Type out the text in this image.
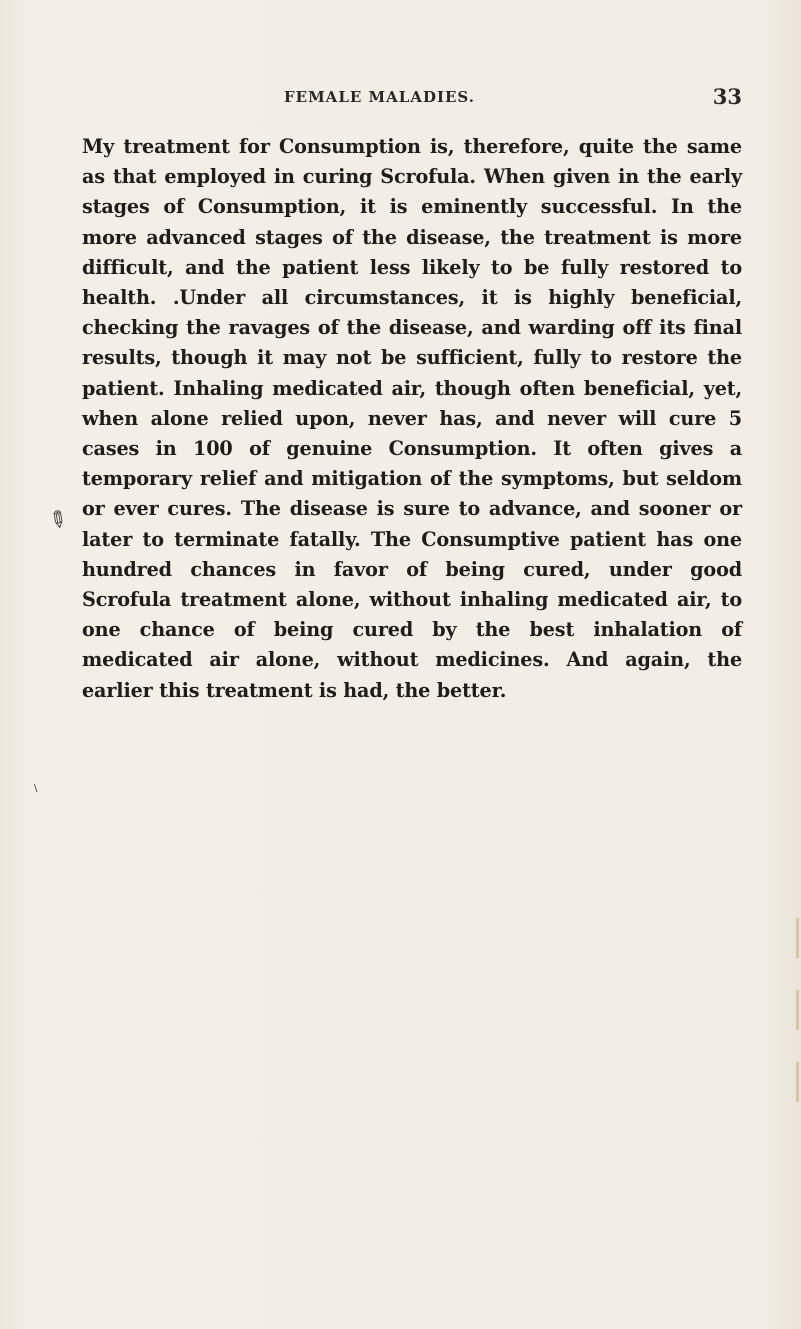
FEMALE MALADIES.	33

My treatment for Consumption is, therefore, quite the same as that employed in curing Scrofula. When given in the early stages of Consumption, it is eminently successful. In the more advanced stages of the disease, the treatment is more difficult, and the patient less likely to be fully restored to health. .Under all circumstances, it is highly beneficial, checking the ravages of the disease, and warding off its final results, though it may not be sufficient, fully to restore the patient. Inhaling medicated air, though often beneficial, yet, when alone relied upon, never has, and never will cure 5 cases in 100 of genuine Consumption. It often gives a temporary relief and mitigation of the symptoms, but seldom or ever cures. The disease is sure to advance, and sooner or later to terminate fatally. The Consumptive patient has one hundred chances in favor of being cured, under good Scrofula treatment alone, without inhaling medicated air, to one chance of being cured by the best inhalation of medicated air alone, without medicines. And again, the earlier this treatment is had, the better.

✎
\
